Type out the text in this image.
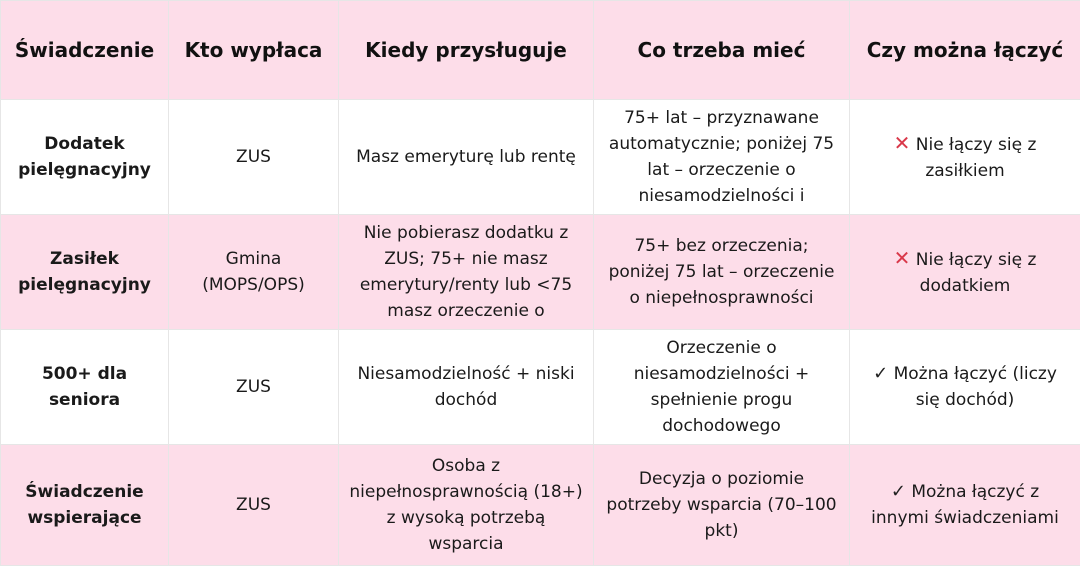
Świadczenie	Kto wypłaca	Kiedy przysługuje	Co trzeba mieć	Czy można łączyć
Dodatek pielęgnacyjny	ZUS	Masz emeryturę lub rentę	75+ lat – przyznawane automatycznie; poniżej 75 lat – orzeczenie o niesamodzielności i	✕ Nie łączy się z zasiłkiem
Zasiłek pielęgnacyjny	Gmina (MOPS/OPS)	Nie pobierasz dodatku z ZUS; 75+ nie masz emerytury/renty lub <75 masz orzeczenie o	75+ bez orzeczenia; poniżej 75 lat – orzeczenie o niepełnosprawności	✕ Nie łączy się z dodatkiem
500+ dla seniora	ZUS	Niesamodzielność + niski dochód	Orzeczenie o niesamodzielności + spełnienie progu dochodowego	✓ Można łączyć (liczy się dochód)
Świadczenie wspierające	ZUS	Osoba z niepełnosprawnością (18+) z wysoką potrzebą wsparcia	Decyzja o poziomie potrzeby wsparcia (70–100 pkt)	✓ Można łączyć z innymi świadczeniami
